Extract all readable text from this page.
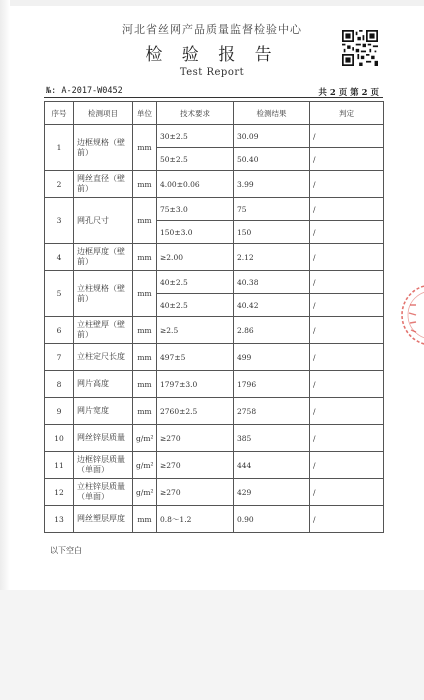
河北省丝网产品质量监督检验中心
检 验 报 告
Test Report
№: A-2017-W0452	共 2 页 第 2 页
序号	检测项目	单位	技术要求	检测结果	判定
1	边框规格（壁前）	mm	30±2.5	30.09	/
			50±2.5	50.40	/
2	网丝直径（壁前）	mm	4.00±0.06	3.99	/
3	网孔尺寸	mm	75±3.0	75	/
			150±3.0	150	/
4	边框厚度（壁前）	mm	≥2.00	2.12	/
5	立柱规格（壁前）	mm	40±2.5	40.38	/
			40±2.5	40.42	/
6	立柱壁厚（壁前）	mm	≥2.5	2.86	/
7	立柱定尺长度	mm	497±5	499	/
8	网片高度	mm	1797±3.0	1796	/
9	网片宽度	mm	2760±2.5	2758	/
10	网丝锌层质量	g/m²	≥270	385	/
11	边框锌层质量（单面）	g/m²	≥270	444	/
12	立柱锌层质量（单面）	g/m²	≥270	429	/
13	网丝塑层厚度	mm	0.8～1.2	0.90	/
以下空白
